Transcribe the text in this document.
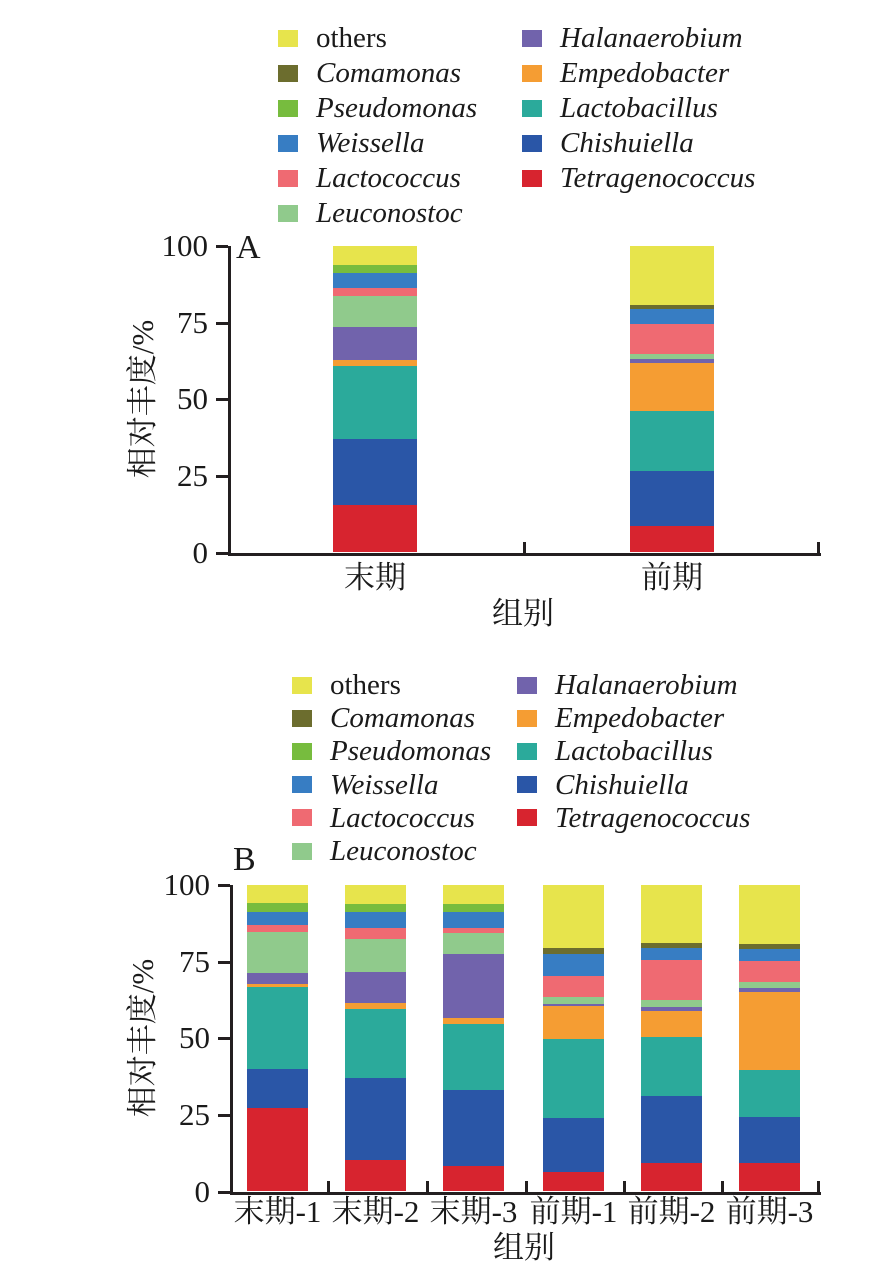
others
Comamonas
Pseudomonas
Weissella
Lactococcus
Leuconostoc
Halanaerobium
Empedobacter
Lactobacillus
Chishuiella
Tetragenococcus
0
25
50
75
100
末期	前期
组别
相对丰度/%
A
others
Comamonas
Pseudomonas
Weissella
Lactococcus
Leuconostoc
Halanaerobium
Empedobacter
Lactobacillus
Chishuiella
Tetragenococcus
0
25
50
75
100
末期-1 末期-2 末期-3 前期-1 前期-2 前期-3
组别
相对丰度/%
B
